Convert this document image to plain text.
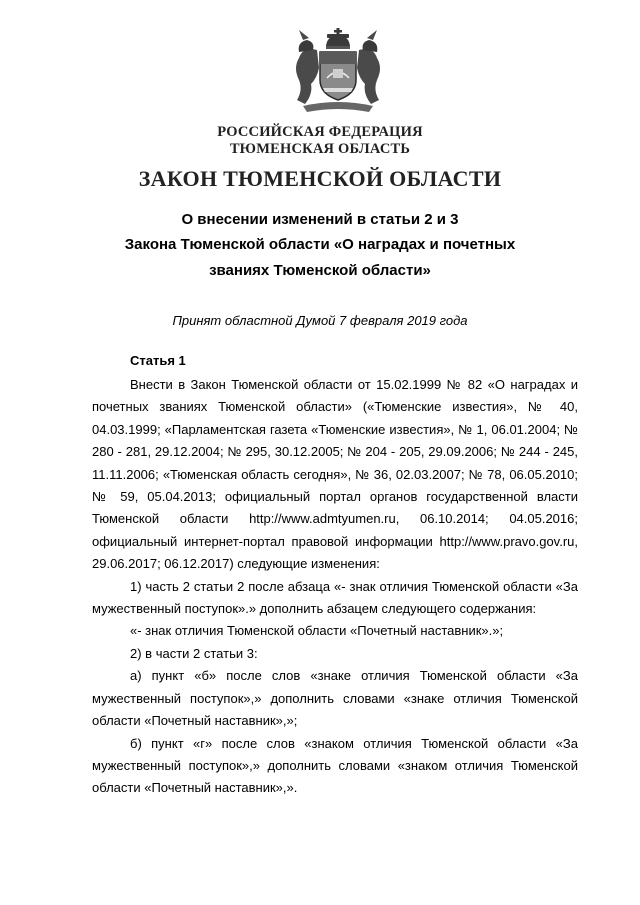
РОССИЙСКАЯ ФЕДЕРАЦИЯ
ТЮМЕНСКАЯ ОБЛАСТЬ
ЗАКОН ТЮМЕНСКОЙ ОБЛАСТИ
О внесении изменений в статьи 2 и 3
Закона Тюменской области «О наградах и почетных
званиях Тюменской области»
Принят областной Думой 7 февраля 2019 года
Статья 1

Внести в Закон Тюменской области от 15.02.1999 № 82 «О наградах и почетных званиях Тюменской области» («Тюменские известия», № 40, 04.03.1999; «Парламентская газета «Тюменские известия», № 1, 06.01.2004; № 280 - 281, 29.12.2004; № 295, 30.12.2005; № 204 - 205, 29.09.2006; № 244 - 245, 11.11.2006; «Тюменская область сегодня», № 36, 02.03.2007; № 78, 06.05.2010; № 59, 05.04.2013; официальный портал органов государственной власти Тюменской области http://www.admtyumen.ru, 06.10.2014; 04.05.2016; официальный интернет-портал правовой информации http://www.pravo.gov.ru, 29.06.2017; 06.12.2017) следующие изменения:

1) часть 2 статьи 2 после абзаца «- знак отличия Тюменской области «За мужественный поступок».» дополнить абзацем следующего содержания:

«- знак отличия Тюменской области «Почетный наставник».»;

2) в части 2 статьи 3:

а) пункт «б» после слов «знаке отличия Тюменской области «За мужественный поступок»,» дополнить словами «знаке отличия Тюменской области «Почетный наставник»,»;

б) пункт «г» после слов «знаком отличия Тюменской области «За мужественный поступок»,» дополнить словами «знаком отличия Тюменской области «Почетный наставник»,».
